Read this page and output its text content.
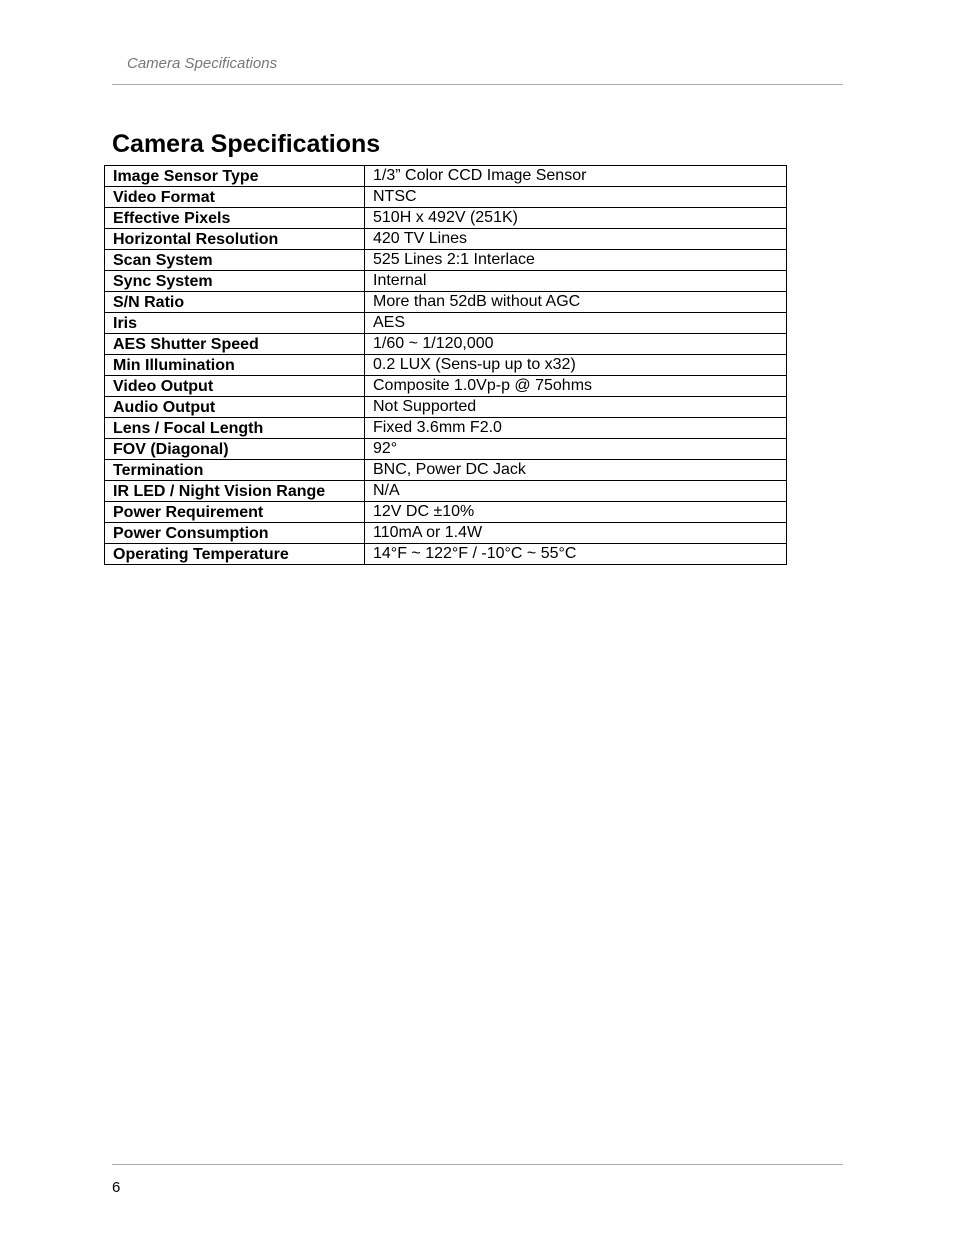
Camera Specifications
Camera Specifications
Image Sensor Type	1/3” Color CCD Image Sensor
Video Format	NTSC
Effective Pixels	510H x 492V (251K)
Horizontal Resolution	420 TV Lines
Scan System	525 Lines 2:1 Interlace
Sync System	Internal
S/N Ratio	More than 52dB without AGC
Iris	AES
AES Shutter Speed	1/60 ~ 1/120,000
Min Illumination	0.2 LUX (Sens-up up to x32)
Video Output	Composite 1.0Vp-p @ 75ohms
Audio Output	Not Supported
Lens / Focal Length	Fixed 3.6mm F2.0
FOV (Diagonal)	92°
Termination	BNC, Power DC Jack
IR LED / Night Vision Range	N/A
Power Requirement	12V DC ±10%
Power Consumption	110mA or 1.4W
Operating Temperature	14°F ~ 122°F / -10°C ~ 55°C
6
